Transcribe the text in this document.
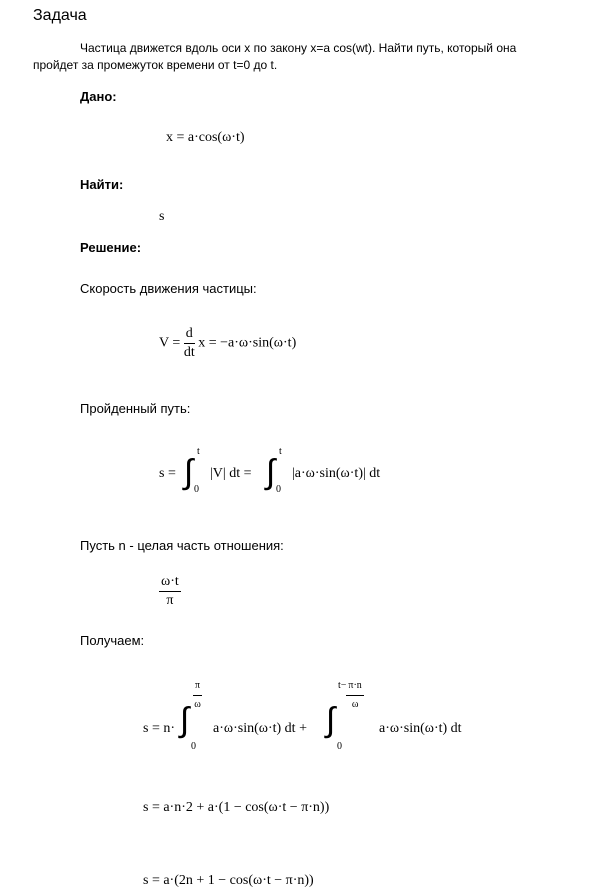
Задача
Частица движется вдоль оси x по закону x=a cos(wt). Найти путь, который она
пройдет за промежуток времени от t=0 до t.
Дано:
x = a·cos(ω·t)
Найти:
s
Решение:
Скорость движения частицы:
$V = \frac{d}{dt}$ x = −a·ω·sin(ω·t)
Пройденный путь:
s = ∫
t
0
|V| dt = ∫
t
0
|a·ω·sin(ω·t)| dt
Пусть n - целая часть отношения:
$\frac{\omega\cdot t}{\pi}$
Получаем:
s = n· ∫
$\frac{\pi}{\omega}$
0
a·ω·sin(ω·t) dt + ∫
$t- \frac{\pi\cdot n}{\omega}$
0
a·ω·sin(ω·t) dt
s = a·n·2 + a·(1 − cos(ω·t − π·n))
s = a·(2n + 1 − cos(ω·t − π·n))
